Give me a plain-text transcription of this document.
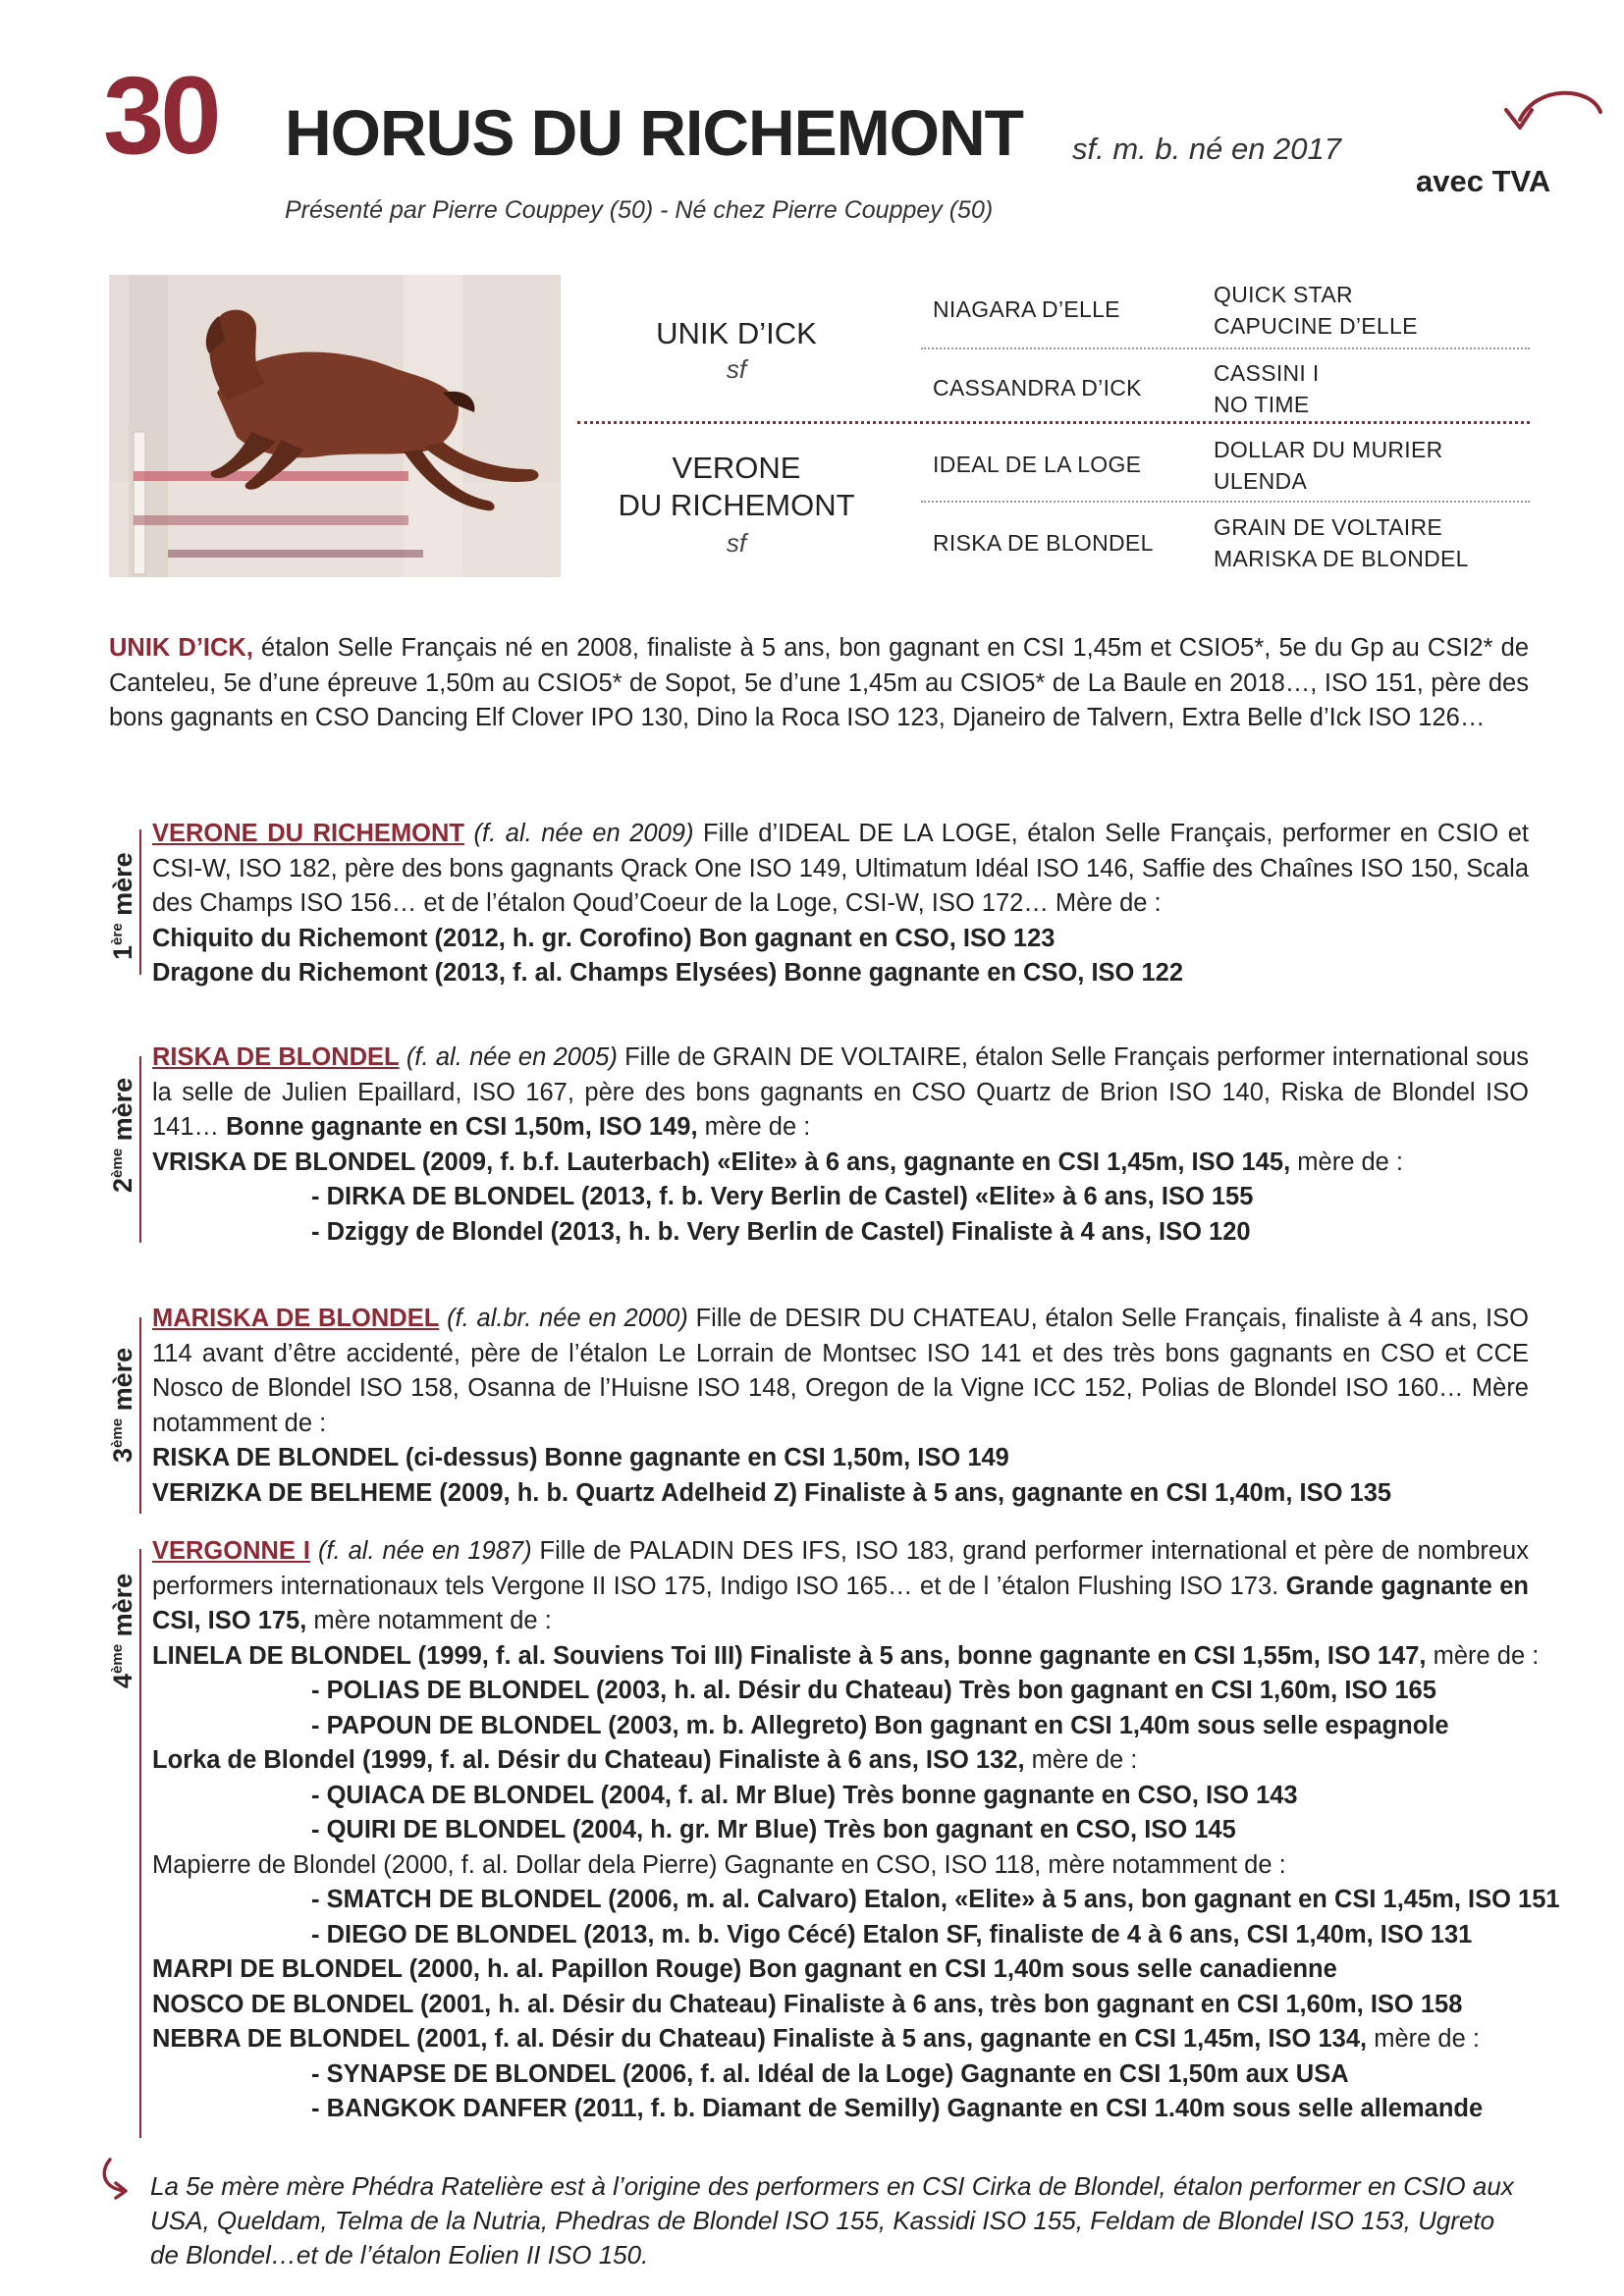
30 HORUS DU RICHEMONT sf. m. b. né en 2017
Présenté par Pierre Couppey (50) - Né chez Pierre Couppey (50)
avec TVA
UNIK D’ICK
sf
VERONE
DU RICHEMONT
sf
NIAGARA D’ELLE
CASSANDRA D’ICK
IDEAL DE LA LOGE
RISKA DE BLONDEL
QUICK STAR
CAPUCINE D’ELLE
CASSINI I
NO TIME
DOLLAR DU MURIER
ULENDA
GRAIN DE VOLTAIRE
MARISKA DE BLONDEL
UNIK D’ICK, étalon Selle Français né en 2008, finaliste à 5 ans, bon gagnant en CSI 1,45m et CSIO5*, 5e du Gp au CSI2* de Canteleu, 5e d’une épreuve 1,50m au CSIO5* de Sopot, 5e d’une 1,45m au CSIO5* de La Baule en 2018…, ISO 151, père des bons gagnants en CSO Dancing Elf Clover IPO 130, Dino la Roca ISO 123, Djaneiro de Talvern, Extra Belle d’Ick ISO 126…
1ère mère
VERONE DU RICHEMONT (f. al. née en 2009) Fille d’IDEAL DE LA LOGE, étalon Selle Français, performer en CSIO et CSI-W, ISO 182, père des bons gagnants Qrack One ISO 149, Ultimatum Idéal ISO 146, Saffie des Chaînes ISO 150, Scala des Champs ISO 156… et de l’étalon Qoud’Coeur de la Loge, CSI-W, ISO 172… Mère de :
Chiquito du Richemont (2012, h. gr. Corofino) Bon gagnant en CSO, ISO 123
Dragone du Richemont (2013, f. al. Champs Elysées) Bonne gagnante en CSO, ISO 122
2ème mère
RISKA DE BLONDEL (f. al. née en 2005) Fille de GRAIN DE VOLTAIRE, étalon Selle Français performer international sous la selle de Julien Epaillard, ISO 167, père des bons gagnants en CSO Quartz de Brion ISO 140, Riska de Blondel ISO 141… Bonne gagnante en CSI 1,50m, ISO 149, mère de :
VRISKA DE BLONDEL (2009, f. b.f. Lauterbach) «Elite» à 6 ans, gagnante en CSI 1,45m, ISO 145, mère de :
- DIRKA DE BLONDEL (2013, f. b. Very Berlin de Castel) «Elite» à 6 ans, ISO 155
- Dziggy de Blondel (2013, h. b. Very Berlin de Castel) Finaliste à 4 ans, ISO 120
3ème mère
MARISKA DE BLONDEL (f. al.br. née en 2000) Fille de DESIR DU CHATEAU, étalon Selle Français, finaliste à 4 ans, ISO 114 avant d’être accidenté, père de l’étalon Le Lorrain de Montsec ISO 141 et des très bons gagnants en CSO et CCE Nosco de Blondel ISO 158, Osanna de l’Huisne ISO 148, Oregon de la Vigne ICC 152, Polias de Blondel ISO 160… Mère notamment de :
RISKA DE BLONDEL (ci-dessus) Bonne gagnante en CSI 1,50m, ISO 149
VERIZKA DE BELHEME (2009, h. b. Quartz Adelheid Z) Finaliste à 5 ans, gagnante en CSI 1,40m, ISO 135
4ème mère
VERGONNE I (f. al. née en 1987) Fille de PALADIN DES IFS, ISO 183, grand performer international et père de nombreux performers internationaux tels Vergone II ISO 175, Indigo ISO 165… et de l ’étalon Flushing ISO 173. Grande gagnante en CSI, ISO 175, mère notamment de :
LINELA DE BLONDEL (1999, f. al. Souviens Toi III) Finaliste à 5 ans, bonne gagnante en CSI 1,55m, ISO 147, mère de :
- POLIAS DE BLONDEL (2003, h. al. Désir du Chateau) Très bon gagnant en CSI 1,60m, ISO 165
- PAPOUN DE BLONDEL (2003, m. b. Allegreto) Bon gagnant en CSI 1,40m sous selle espagnole
Lorka de Blondel (1999, f. al. Désir du Chateau) Finaliste à 6 ans, ISO 132, mère de :
- QUIACA DE BLONDEL (2004, f. al. Mr Blue) Très bonne gagnante en CSO, ISO 143
- QUIRI DE BLONDEL (2004, h. gr. Mr Blue) Très bon gagnant en CSO, ISO 145
Mapierre de Blondel (2000, f. al. Dollar dela Pierre) Gagnante en CSO, ISO 118, mère notamment de :
- SMATCH DE BLONDEL (2006, m. al. Calvaro) Etalon, «Elite» à 5 ans, bon gagnant en CSI 1,45m, ISO 151
- DIEGO DE BLONDEL (2013, m. b. Vigo Cécé) Etalon SF, finaliste de 4 à 6 ans, CSI 1,40m, ISO 131
MARPI DE BLONDEL (2000, h. al. Papillon Rouge) Bon gagnant en CSI 1,40m sous selle canadienne
NOSCO DE BLONDEL (2001, h. al. Désir du Chateau) Finaliste à 6 ans, très bon gagnant en CSI 1,60m, ISO 158
NEBRA DE BLONDEL (2001, f. al. Désir du Chateau) Finaliste à 5 ans, gagnante en CSI 1,45m, ISO 134, mère de :
- SYNAPSE DE BLONDEL (2006, f. al. Idéal de la Loge) Gagnante en CSI 1,50m aux USA
- BANGKOK DANFER (2011, f. b. Diamant de Semilly) Gagnante en CSI 1.40m sous selle allemande
La 5e mère mère Phédra Ratelière est à l’origine des performers en CSI Cirka de Blondel, étalon performer en CSIO aux USA, Queldam, Telma de la Nutria, Phedras de Blondel ISO 155, Kassidi ISO 155, Feldam de Blondel ISO 153, Ugreto de Blondel…et de l’étalon Eolien II ISO 150.
